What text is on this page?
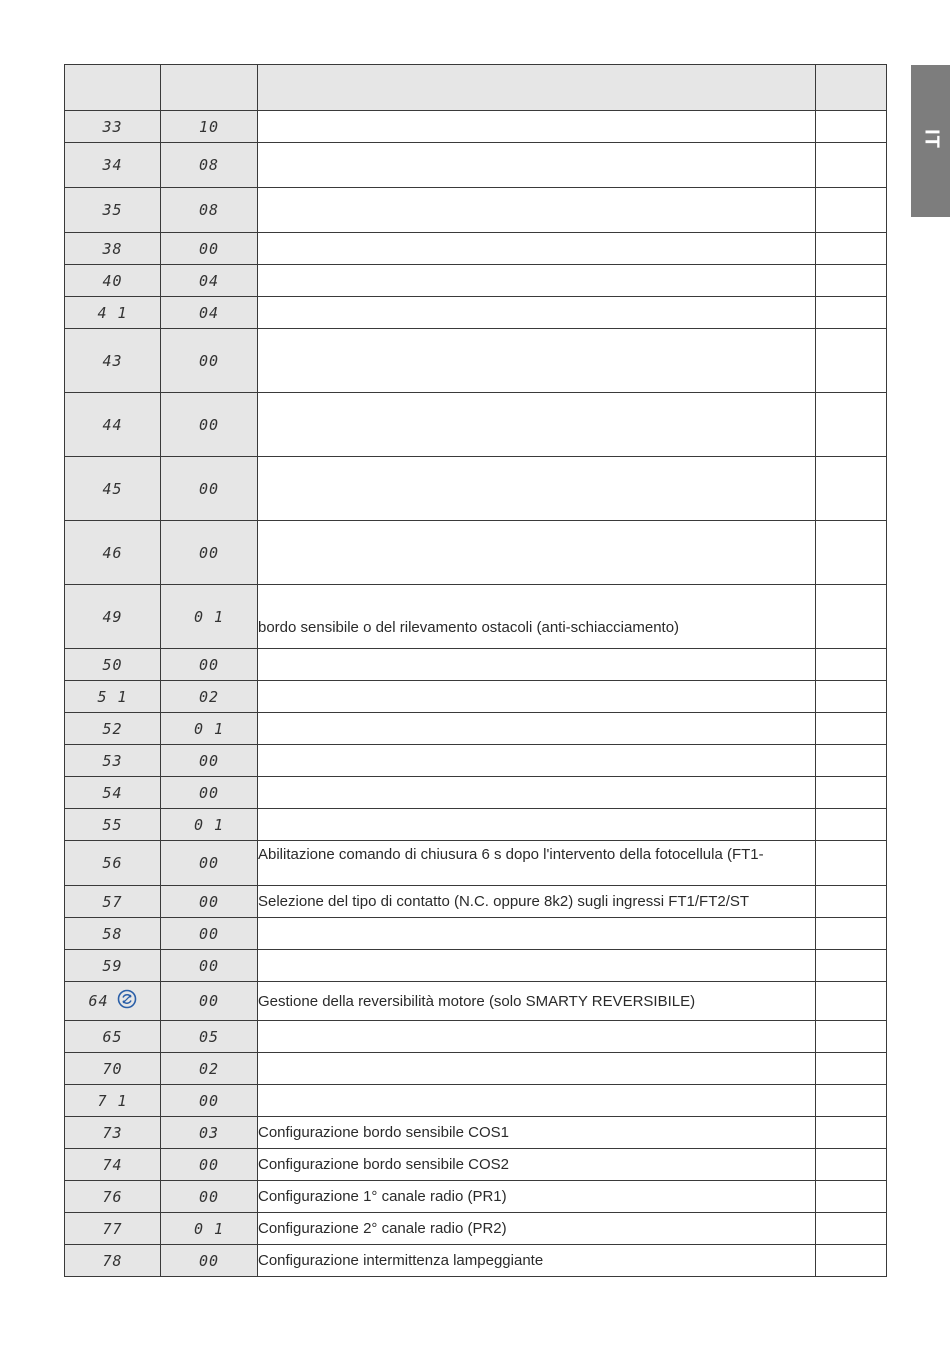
IT

33	10		
34	08		
35	08		
38	00		
40	04		
4 1	04		
43	00		
44	00		
45	00		
46	00		
49	0 1	bordo sensibile o del rilevamento ostacoli (anti-schiacciamento)	
50	00		
5 1	02		
52	0 1		
53	00		
54	00		
55	0 1		
56	00	Abilitazione comando di chiusura 6 s dopo l'intervento della fotocellula (FT1-	
57	00	Selezione del tipo di contatto (N.C. oppure 8k2) sugli ingressi FT1/FT2/ST	
58	00		
59	00		

64	00	Gestione della reversibilità motore (solo SMARTY REVERSIBILE)	
65	05		
70	02		
7 1	00		
73	03	Configurazione bordo sensibile COS1	
74	00	Configurazione bordo sensibile COS2	
76	00	Configurazione 1° canale radio (PR1)	
77	0 1	Configurazione 2° canale radio (PR2)	
78	00	Configurazione intermittenza lampeggiante	
